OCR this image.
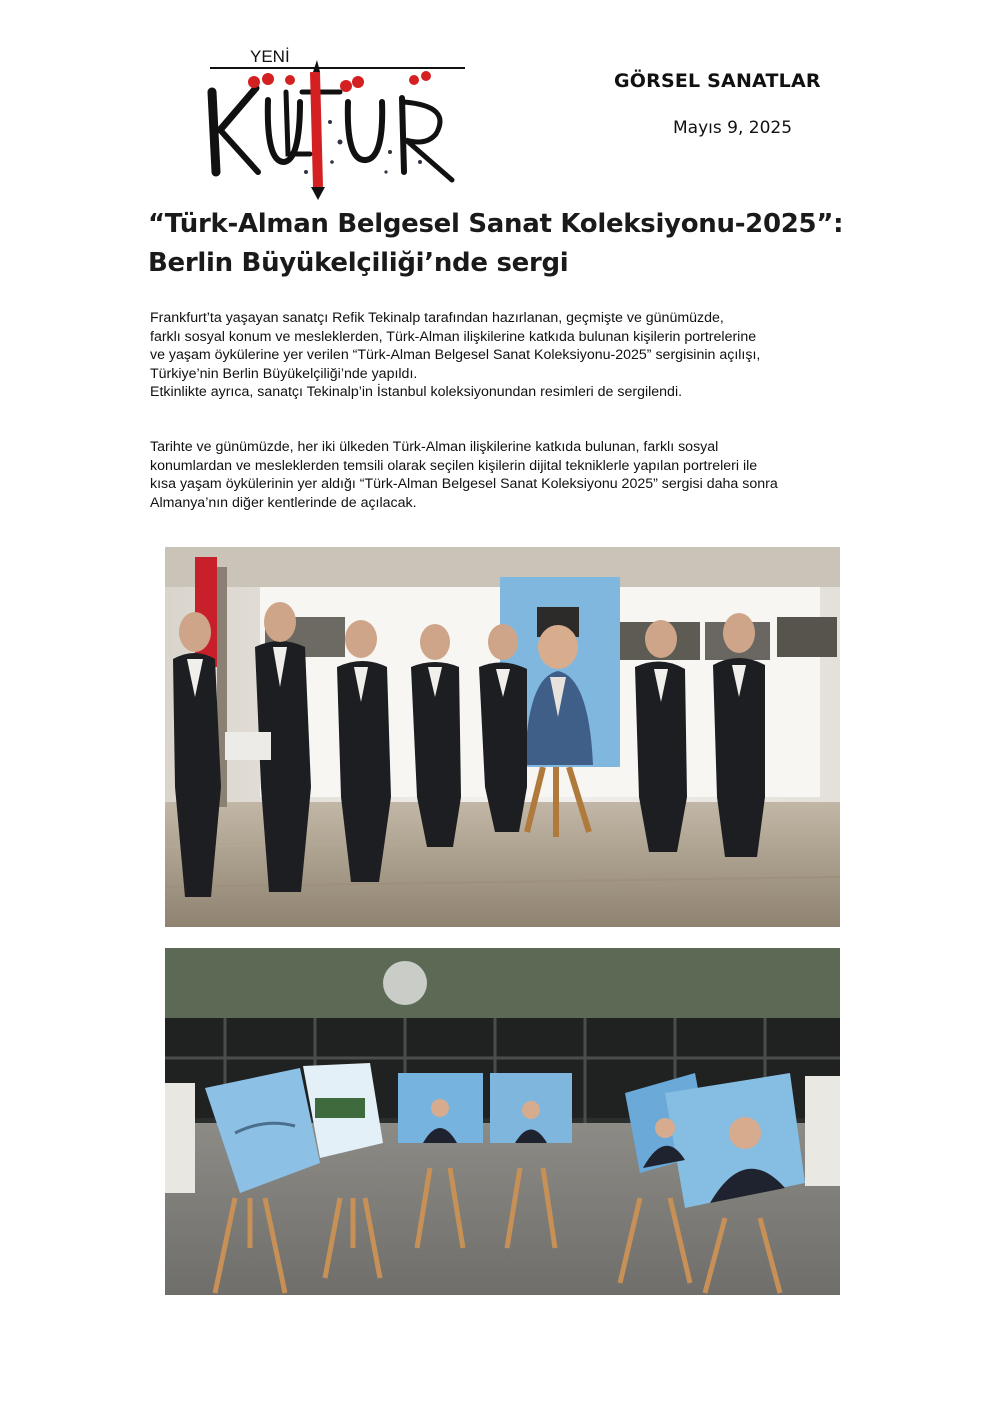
YENİ
GÖRSEL SANATLAR
Mayıs 9, 2025
“Türk-Alman Belgesel Sanat Koleksiyonu-2025”:
Berlin Büyükelçiliği’nde sergi
Frankfurt’ta yaşayan sanatçı Refik Tekinalp tarafından hazırlanan, geçmişte ve günümüzde,
farklı sosyal konum ve mesleklerden, Türk-Alman ilişkilerine katkıda bulunan kişilerin portrelerine
ve yaşam öykülerine yer verilen “Türk-Alman Belgesel Sanat Koleksiyonu-2025” sergisinin açılışı,
Türkiye’nin Berlin Büyükelçiliği’nde yapıldı.
Etkinlikte ayrıca, sanatçı Tekinalp’in İstanbul koleksiyonundan resimleri de sergilendi.
Tarihte ve günümüzde, her iki ülkeden Türk-Alman ilişkilerine katkıda bulunan, farklı sosyal
konumlardan ve mesleklerden temsili olarak seçilen kişilerin dijital tekniklerle yapılan portreleri ile
kısa yaşam öykülerinin yer aldığı “Türk-Alman Belgesel Sanat Koleksiyonu 2025” sergisi daha sonra
Almanya’nın diğer kentlerinde de açılacak.
